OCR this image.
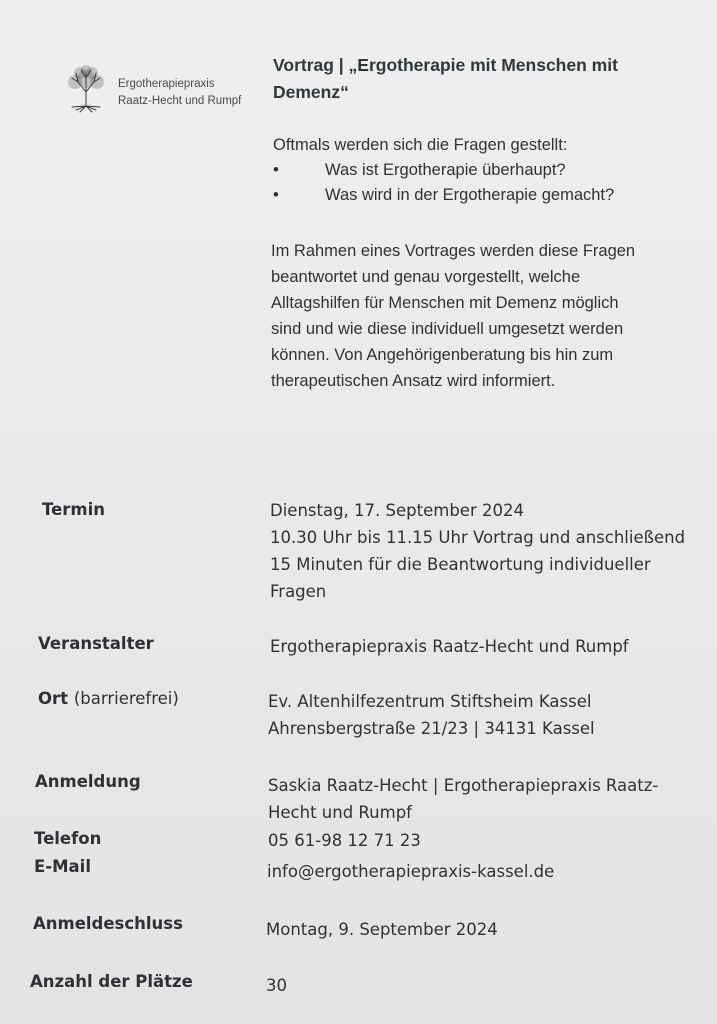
Ergotherapiepraxis
Raatz-Hecht und Rumpf
Vortrag | „Ergotherapie mit Menschen mit
Demenz“
Oftmals werden sich die Fragen gestellt:
•	Was ist Ergotherapie überhaupt?
•	Was wird in der Ergotherapie gemacht?
Im Rahmen eines Vortrages werden diese Fragen
beantwortet und genau vorgestellt, welche
Alltagshilfen für Menschen mit Demenz möglich
sind und wie diese individuell umgesetzt werden
können. Von Angehörigenberatung bis hin zum
therapeutischen Ansatz wird informiert.
Termin	Dienstag, 17. September 2024
10.30 Uhr bis 11.15 Uhr Vortrag und anschließend
15 Minuten für die Beantwortung individueller
Fragen
Veranstalter	Ergotherapiepraxis Raatz-Hecht und Rumpf
Ort (barrierefrei)	Ev. Altenhilfezentrum Stiftsheim Kassel
Ahrensbergstraße 21/23 | 34131 Kassel
Anmeldung	Saskia Raatz-Hecht | Ergotherapiepraxis Raatz-
Hecht und Rumpf
Telefon	05 61-98 12 71 23
E-Mail	info@ergotherapiepraxis-kassel.de
Anmeldeschluss	Montag, 9. September 2024
Anzahl der Plätze	30
